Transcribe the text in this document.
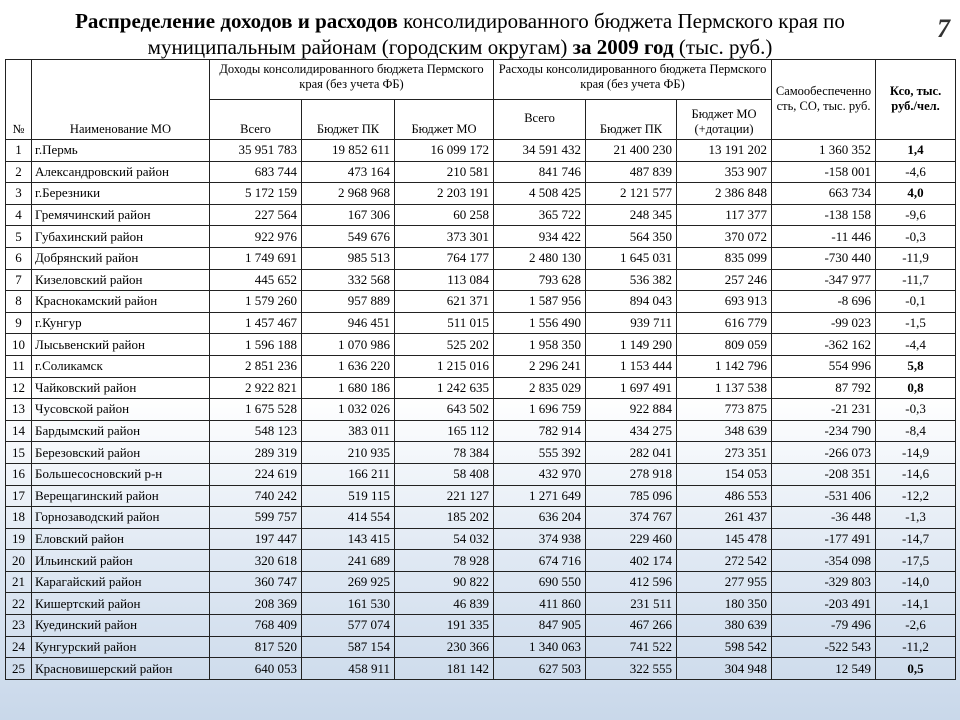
Распределение доходов и расходов консолидированного бюджета Пермского края по муниципальным районам (городским округам) за 2009 год (тыс. руб.)
7
№	Наименование МО	Доходы консолидированного бюджета Пермского края (без учета ФБ)			Расходы консолидированного бюджета Пермского края (без учета ФБ)			Самообеспеченность, СО, тыс. руб.	Ксо, тыс. руб./чел.
		Всего	Бюджет ПК	Бюджет МО	Всего	Бюджет ПК	Бюджет МО (+дотации)		
1	г.Пермь	35 951 783	19 852 611	16 099 172	34 591 432	21 400 230	13 191 202	1 360 352	1,4
2	Александровский район	683 744	473 164	210 581	841 746	487 839	353 907	-158 001	-4,6
3	г.Березники	5 172 159	2 968 968	2 203 191	4 508 425	2 121 577	2 386 848	663 734	4,0
4	Гремячинский район	227 564	167 306	60 258	365 722	248 345	117 377	-138 158	-9,6
5	Губахинский район	922 976	549 676	373 301	934 422	564 350	370 072	-11 446	-0,3
6	Добрянский район	1 749 691	985 513	764 177	2 480 130	1 645 031	835 099	-730 440	-11,9
7	Кизеловский район	445 652	332 568	113 084	793 628	536 382	257 246	-347 977	-11,7
8	Краснокамский район	1 579 260	957 889	621 371	1 587 956	894 043	693 913	-8 696	-0,1
9	г.Кунгур	1 457 467	946 451	511 015	1 556 490	939 711	616 779	-99 023	-1,5
10	Лысьвенский район	1 596 188	1 070 986	525 202	1 958 350	1 149 290	809 059	-362 162	-4,4
11	г.Соликамск	2 851 236	1 636 220	1 215 016	2 296 241	1 153 444	1 142 796	554 996	5,8
12	Чайковский район	2 922 821	1 680 186	1 242 635	2 835 029	1 697 491	1 137 538	87 792	0,8
13	Чусовской район	1 675 528	1 032 026	643 502	1 696 759	922 884	773 875	-21 231	-0,3
14	Бардымский район	548 123	383 011	165 112	782 914	434 275	348 639	-234 790	-8,4
15	Березовский район	289 319	210 935	78 384	555 392	282 041	273 351	-266 073	-14,9
16	Большесосновский р-н	224 619	166 211	58 408	432 970	278 918	154 053	-208 351	-14,6
17	Верещагинский район	740 242	519 115	221 127	1 271 649	785 096	486 553	-531 406	-12,2
18	Горнозаводский район	599 757	414 554	185 202	636 204	374 767	261 437	-36 448	-1,3
19	Еловский район	197 447	143 415	54 032	374 938	229 460	145 478	-177 491	-14,7
20	Ильинский район	320 618	241 689	78 928	674 716	402 174	272 542	-354 098	-17,5
21	Карагайский район	360 747	269 925	90 822	690 550	412 596	277 955	-329 803	-14,0
22	Кишертский район	208 369	161 530	46 839	411 860	231 511	180 350	-203 491	-14,1
23	Куединский район	768 409	577 074	191 335	847 905	467 266	380 639	-79 496	-2,6
24	Кунгурский район	817 520	587 154	230 366	1 340 063	741 522	598 542	-522 543	-11,2
25	Красновишерский район	640 053	458 911	181 142	627 503	322 555	304 948	12 549	0,5
